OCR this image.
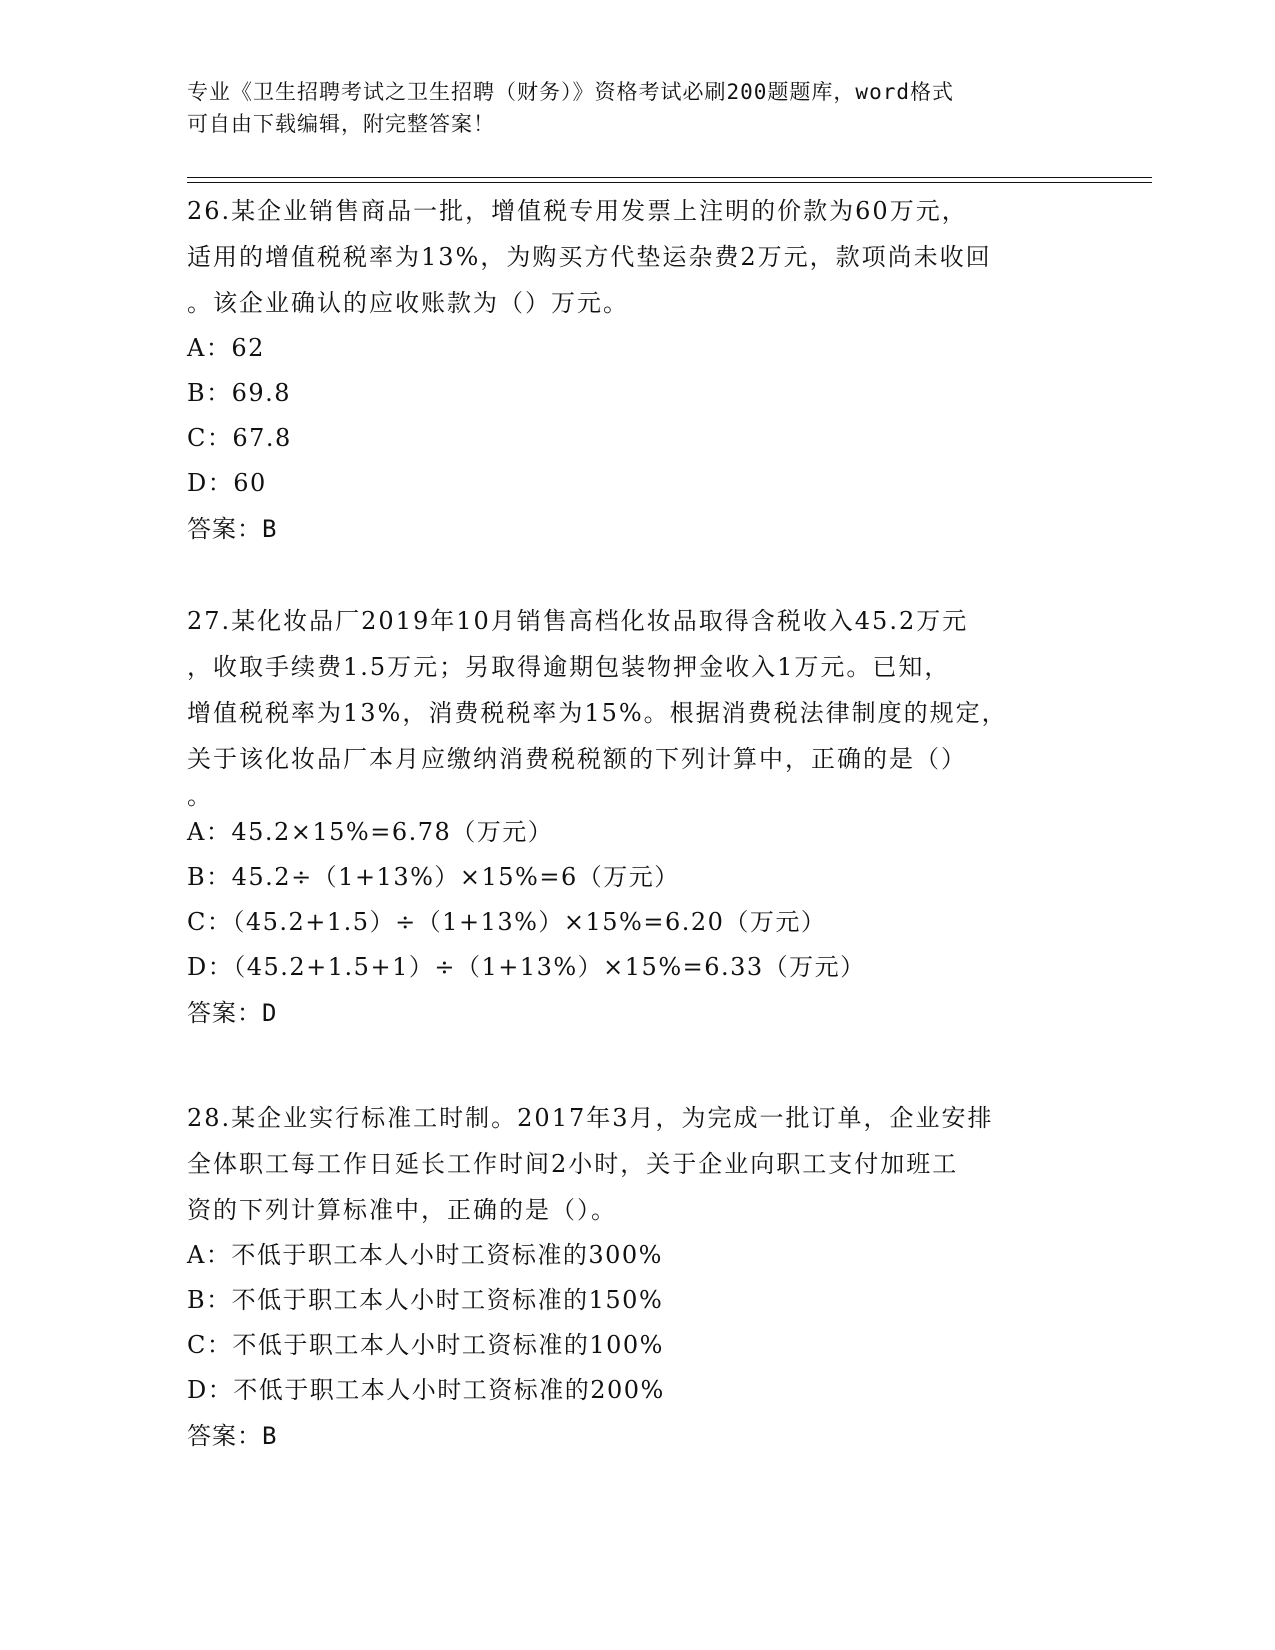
专业《卫生招聘考试之卫生招聘（财务）》资格考试必刷200题题库，word格式
可自由下载编辑，附完整答案！
26.某企业销售商品一批，增值税专用发票上注明的价款为60万元，
适用的增值税税率为13%，为购买方代垫运杂费2万元，款项尚未收回
。该企业确认的应收账款为（）万元。
A：62
B：69.8
C：67.8
D：60
答案：B
27.某化妆品厂2019年10月销售高档化妆品取得含税收入45.2万元
，收取手续费1.5万元；另取得逾期包装物押金收入1万元。已知，
增值税税率为13%，消费税税率为15%。根据消费税法律制度的规定，
关于该化妆品厂本月应缴纳消费税税额的下列计算中，正确的是（）
。
A：45.2×15%=6.78（万元）
B：45.2÷（1+13%）×15%=6（万元）
C：（45.2+1.5）÷（1+13%）×15%=6.20（万元）
D：（45.2+1.5+1）÷（1+13%）×15%=6.33（万元）
答案：D
28.某企业实行标准工时制。2017年3月，为完成一批订单，企业安排
全体职工每工作日延长工作时间2小时，关于企业向职工支付加班工
资的下列计算标准中，正确的是（）。
A：不低于职工本人小时工资标准的300%
B：不低于职工本人小时工资标准的150%
C：不低于职工本人小时工资标准的100%
D：不低于职工本人小时工资标准的200%
答案：B
